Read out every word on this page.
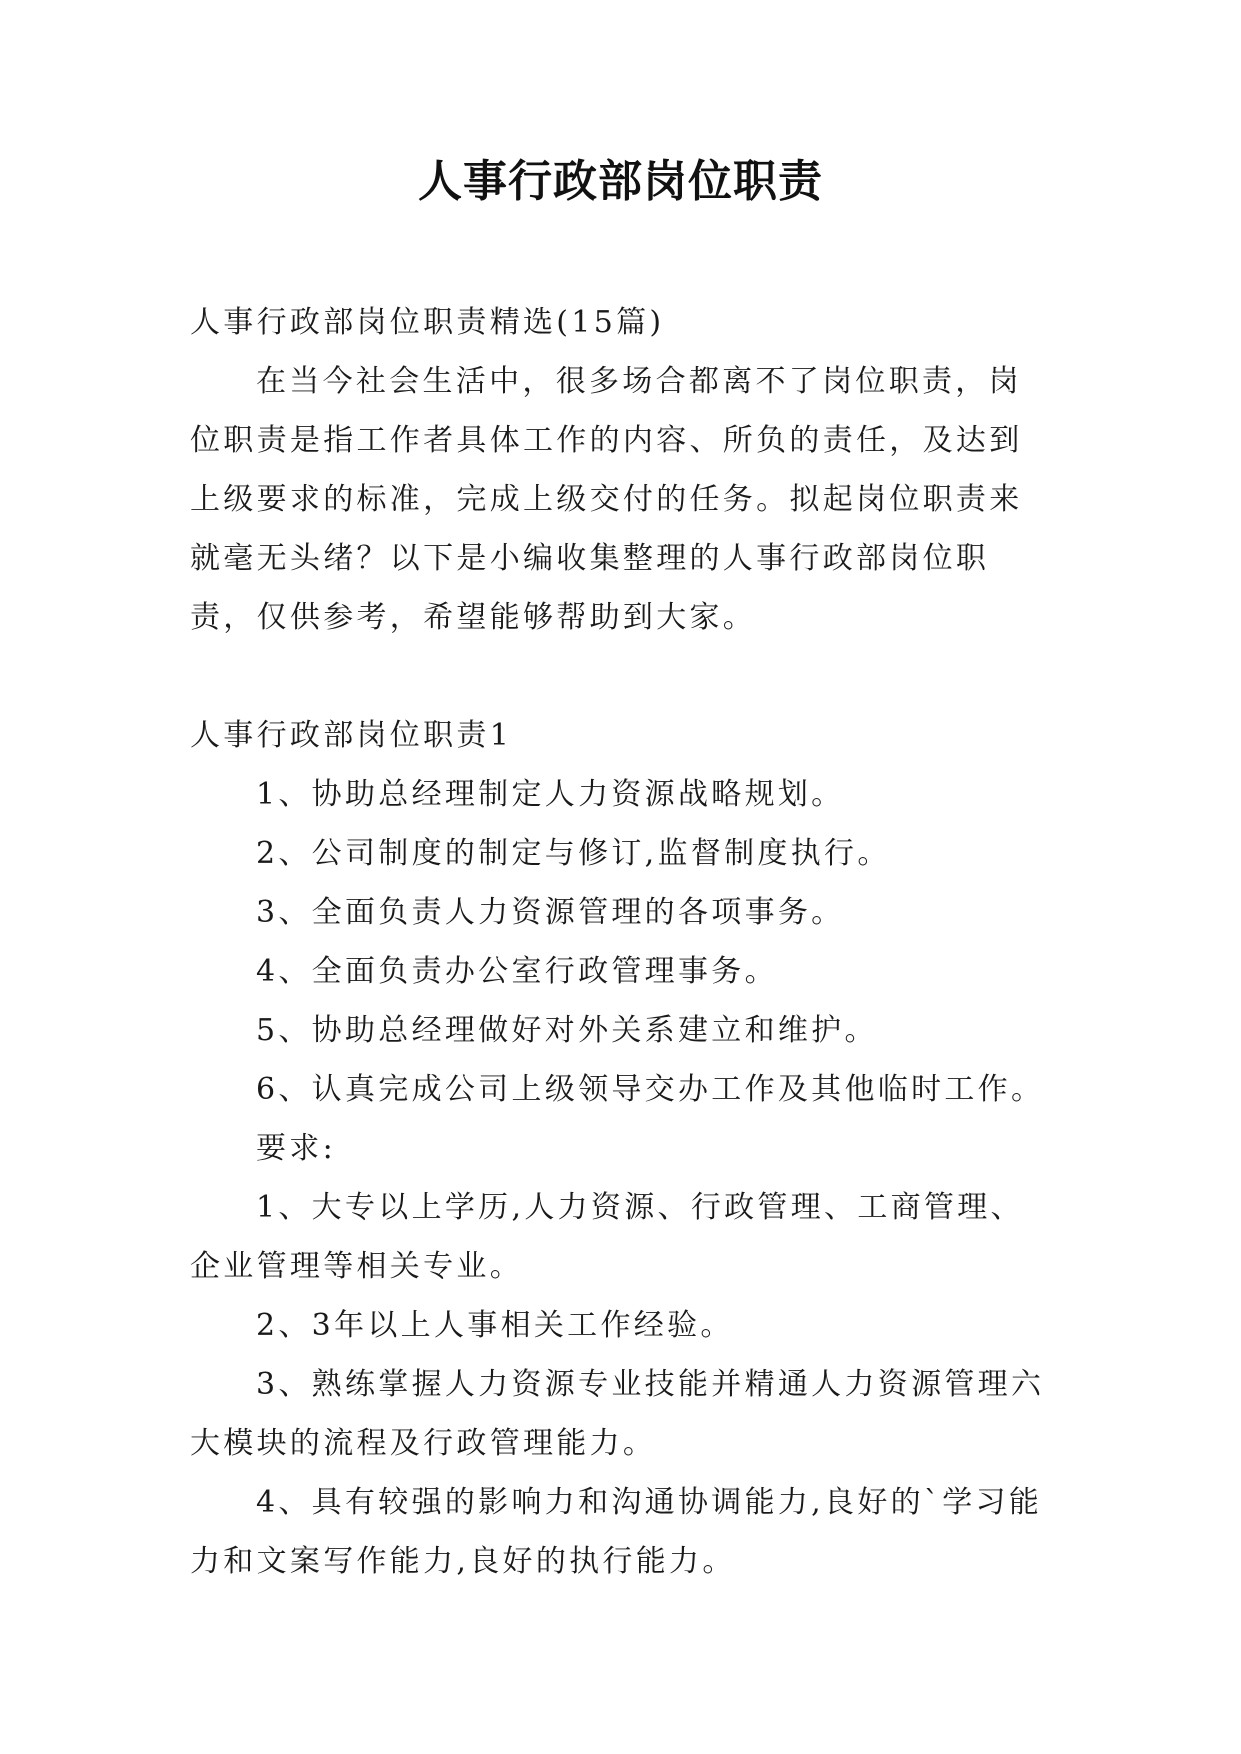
人事行政部岗位职责

人事行政部岗位职责精选(15篇)

在当今社会生活中，很多场合都离不了岗位职责，岗位职责是指工作者具体工作的内容、所负的责任，及达到上级要求的标准，完成上级交付的任务。拟起岗位职责来就毫无头绪？以下是小编收集整理的人事行政部岗位职责，仅供参考，希望能够帮助到大家。

人事行政部岗位职责1

1、协助总经理制定人力资源战略规划。

2、公司制度的制定与修订,监督制度执行。

3、全面负责人力资源管理的各项事务。

4、全面负责办公室行政管理事务。

5、协助总经理做好对外关系建立和维护。

6、认真完成公司上级领导交办工作及其他临时工作。

要求:

1、大专以上学历,人力资源、行政管理、工商管理、企业管理等相关专业。

2、3年以上人事相关工作经验。

3、熟练掌握人力资源专业技能并精通人力资源管理六大模块的流程及行政管理能力。

4、具有较强的影响力和沟通协调能力,良好的`学习能力和文案写作能力,良好的执行能力。
